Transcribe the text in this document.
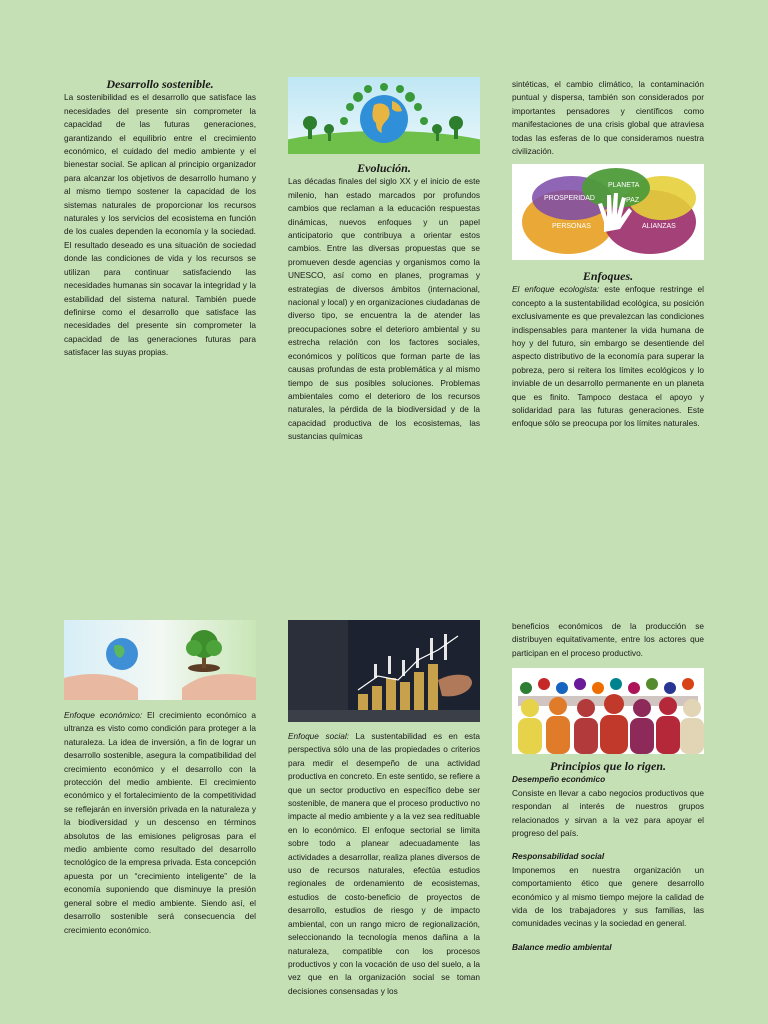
Desarrollo sostenible.

La sostenibilidad es el desarrollo que satisface las necesidades del presente sin comprometer la capacidad de las futuras generaciones, garantizando el equilibrio entre el crecimiento económico, el cuidado del medio ambiente y el bienestar social. Se aplican al principio organizador para alcanzar los objetivos de desarrollo humano y al mismo tiempo sostener la capacidad de los sistemas naturales de proporcionar los recursos naturales y los servicios del ecosistema en función de los cuales dependen la economía y la sociedad. El resultado deseado es una situación de sociedad donde las condiciones de vida y los recursos se utilizan para continuar satisfaciendo las necesidades humanas sin socavar la integridad y la estabilidad del sistema natural. También puede definirse como el desarrollo que satisface las necesidades del presente sin comprometer la capacidad de las generaciones futuras para satisfacer las suyas propias.

Evolución.

Las décadas finales del siglo XX y el inicio de este milenio, han estado marcados por profundos cambios que reclaman a la educación respuestas dinámicas, nuevos enfoques y un papel anticipatorio que contribuya a orientar estos cambios. Entre las diversas propuestas que se promueven desde agencias y organismos como la UNESCO, así como en planes, programas y estrategias de diversos ámbitos (internacional, nacional y local) y en organizaciones ciudadanas de diverso tipo, se encuentra la de atender las preocupaciones sobre el deterioro ambiental y su estrecha relación con los factores sociales, económicos y políticos que forman parte de las causas profundas de esta problemática y al mismo tiempo de sus posibles soluciones. Problemas ambientales como el deterioro de los recursos naturales, la pérdida de la biodiversidad y de la capacidad productiva de los ecosistemas, las sustancias químicas

sintéticas, el cambio climático, la contaminación puntual y dispersa, también son considerados por importantes pensadores y científicos como manifestaciones de una crisis global que atraviesa todas las esferas de lo que consideramos nuestra civilización.

PLANETA
PROSPERIDAD	PAZ
PERSONAS	ALIANZAS

Enfoques.

El enfoque ecologista: este enfoque restringe el concepto a la sustentabilidad ecológica, su posición exclusivamente es que prevalezcan las condiciones indispensables para mantener la vida humana de hoy y del futuro, sin embargo se desentiende del aspecto distributivo de la economía para superar la pobreza, pero si reitera los límites ecológicos y lo inviable de un desarrollo permanente en un planeta que es finito. Tampoco destaca el apoyo y solidaridad para las futuras generaciones. Este enfoque sólo se preocupa por los límites naturales.

Enfoque económico: El crecimiento económico a ultranza es visto como condición para proteger a la naturaleza. La idea de inversión, a fin de lograr un desarrollo sostenible, asegura la compatibilidad del crecimiento económico y el desarrollo con la protección del medio ambiente. El crecimiento económico y el fortalecimiento de la competitividad se reflejarán en inversión privada en la naturaleza y la biodiversidad y un descenso en términos absolutos de las emisiones peligrosas para el medio ambiente como resultado del desarrollo tecnológico de la empresa privada. Esta concepción apuesta por un “crecimiento inteligente” de la economía suponiendo que disminuye la presión general sobre el medio ambiente. Siendo así, el desarrollo sostenible será consecuencia del crecimiento económico.

Enfoque social: La sustentabilidad es en esta perspectiva sólo una de las propiedades o criterios para medir el desempeño de una actividad productiva en concreto. En este sentido, se refiere a que un sector productivo en específico debe ser sostenible, de manera que el proceso productivo no impacte al medio ambiente y a la vez sea redituable en lo económico. El enfoque sectorial se limita sobre todo a planear adecuadamente las actividades a desarrollar, realiza planes diversos de uso de recursos naturales, efectúa estudios regionales de ordenamiento de ecosistemas, estudios de costo-beneficio de proyectos de desarrollo, estudios de riesgo y de impacto ambiental, con un rango micro de regionalización, seleccionando la tecnología menos dañina a la naturaleza, compatible con los procesos productivos y con la vocación de uso del suelo, a la vez que en la organización social se toman decisiones consensadas y los

beneficios económicos de la producción se distribuyen equitativamente, entre los actores que participan en el proceso productivo.

Principios que lo rigen.

Desempeño económico

Consiste en llevar a cabo negocios productivos que respondan al interés de nuestros grupos relacionados y sirvan a la vez para apoyar el progreso del país.

Responsabilidad social

Imponemos en nuestra organización un comportamiento ético que genere desarrollo económico y al mismo tiempo mejore la calidad de vida de los trabajadores y sus familias, las comunidades vecinas y la sociedad en general.

Balance medio ambiental
